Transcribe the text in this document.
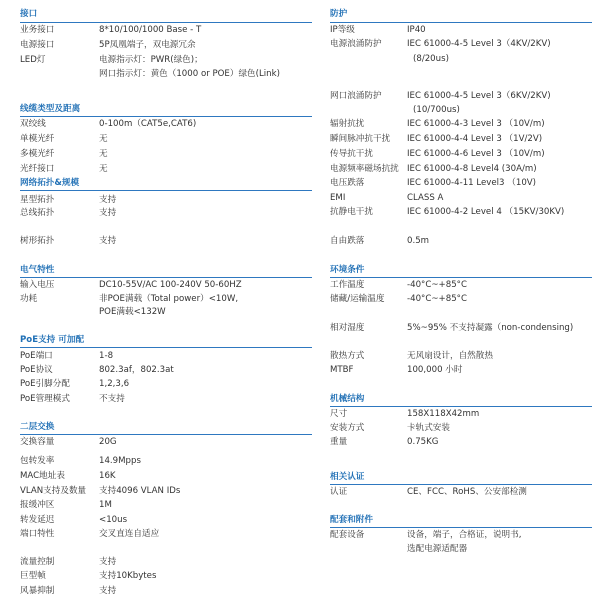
接口
业务接口	8*10/100/1000 Base - T
电源接口	5P凤凰端子，双电源冗余
LED灯	电源指示灯：PWR(绿色)；
网口指示灯：黄色（1000 or POE）绿色(Link)
线缆类型及距离
双绞线	0-100m（CAT5e,CAT6)
单模光纤	无
多模光纤	无
光纤接口	无
网络拓扑&规模
星型拓扑	支持
总线拓扑	支持
树形拓扑	支持
电气特性
输入电压	DC10-55V/AC 100-240V 50-60HZ
功耗	非POE满载（Total power）<10W,
POE满载<132W
PoE支持 可加配
PoE端口	1-8
PoE协议	802.3af，802.3at
PoE引脚分配	1,2,3,6
PoE管理模式	不支持
二层交换
交换容量	20G
包转发率	14.9Mpps
MAC地址表	16K
VLAN支持及数量 支持4096 VLAN IDs
报缓冲区	1M
转发延迟	<10us
端口特性	交叉直连自适应
流量控制	支持
巨型帧	支持10Kbytes
风暴抑制	支持
防护
IP等级	IP40
电源浪涌防护	IEC 61000-4-5 Level 3（4KV/2KV)
(8/20us)
网口浪涌防护	IEC 61000-4-5 Level 3（6KV/2KV)
(10/700us)
辐射抗扰	IEC 61000-4-3 Level 3 （10V/m)
瞬间脉冲抗干扰 IEC 61000-4-4 Level 3 （1V/2V)
传导抗干扰	IEC 61000-4-6 Level 3 （10V/m)
电源频率磁场抗扰 IEC 61000-4-8 Level4 (30A/m)
电压跌落	IEC 61000-4-11 Level3 （10V)
EMI	CLASS A
抗静电干扰	IEC 61000-4-2 Level 4 （15KV/30KV)
自由跌落	0.5m
环境条件
工作温度	-40°C~+85°C
储藏/运输温度	-40°C~+85°C
相对湿度	5%~95% 不支持凝露（non-condensing)
散热方式	无风扇设计，自然散热
MTBF	100,000 小时
机械结构
尺寸	158X118X42mm
安装方式	卡轨式安装
重量	0.75KG
相关认证
认证	CE、FCC、RoHS、公安部检测
配套和附件
配套设备	设备，端子，合格证，说明书,
选配电源适配器
